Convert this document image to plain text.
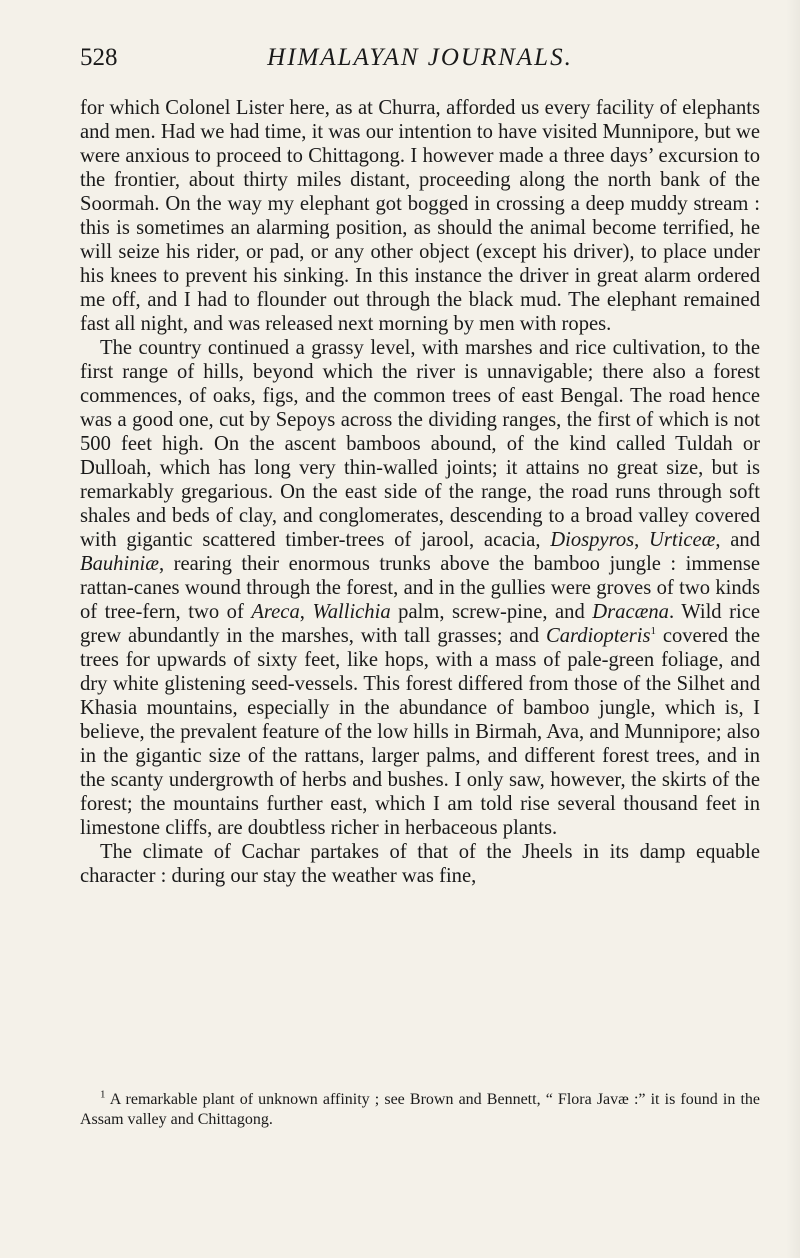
528	HIMALAYAN JOURNALS.

for which Colonel Lister here, as at Churra, afforded us every facility of elephants and men. Had we had time, it was our intention to have visited Munnipore, but we were anxious to proceed to Chittagong. I however made a three days’ excursion to the frontier, about thirty miles distant, proceeding along the north bank of the Soormah. On the way my elephant got bogged in crossing a deep muddy stream : this is sometimes an alarming position, as should the animal become terrified, he will seize his rider, or pad, or any other object (except his driver), to place under his knees to prevent his sinking. In this instance the driver in great alarm ordered me off, and I had to flounder out through the black mud. The elephant remained fast all night, and was released next morning by men with ropes.

The country continued a grassy level, with marshes and rice cultivation, to the first range of hills, beyond which the river is unnavigable; there also a forest commences, of oaks, figs, and the common trees of east Bengal. The road hence was a good one, cut by Sepoys across the dividing ranges, the first of which is not 500 feet high. On the ascent bamboos abound, of the kind called Tuldah or Dulloah, which has long very thin-walled joints; it attains no great size, but is remarkably gregarious. On the east side of the range, the road runs through soft shales and beds of clay, and conglomerates, descending to a broad valley covered with gigantic scattered timber-trees of jarool, acacia, Diospyros, Urticeæ, and Bauhiniæ, rearing their enormous trunks above the bamboo jungle : immense rattan-canes wound through the forest, and in the gullies were groves of two kinds of tree-fern, two of Areca, Wallichia palm, screw-pine, and Dracæna. Wild rice grew abundantly in the marshes, with tall grasses; and Cardiopteris$^1$ covered the trees for upwards of sixty feet, like hops, with a mass of pale-green foliage, and dry white glistening seed-vessels. This forest differed from those of the Silhet and Khasia mountains, especially in the abundance of bamboo jungle, which is, I believe, the prevalent feature of the low hills in Birmah, Ava, and Munnipore; also in the gigantic size of the rattans, larger palms, and different forest trees, and in the scanty undergrowth of herbs and bushes. I only saw, however, the skirts of the forest; the mountains further east, which I am told rise several thousand feet in limestone cliffs, are doubtless richer in herbaceous plants.

The climate of Cachar partakes of that of the Jheels in its damp equable character : during our stay the weather was fine,

$^1$ A remarkable plant of unknown affinity ; see Brown and Bennett, “ Flora Javæ :” it is found in the Assam valley and Chittagong.
